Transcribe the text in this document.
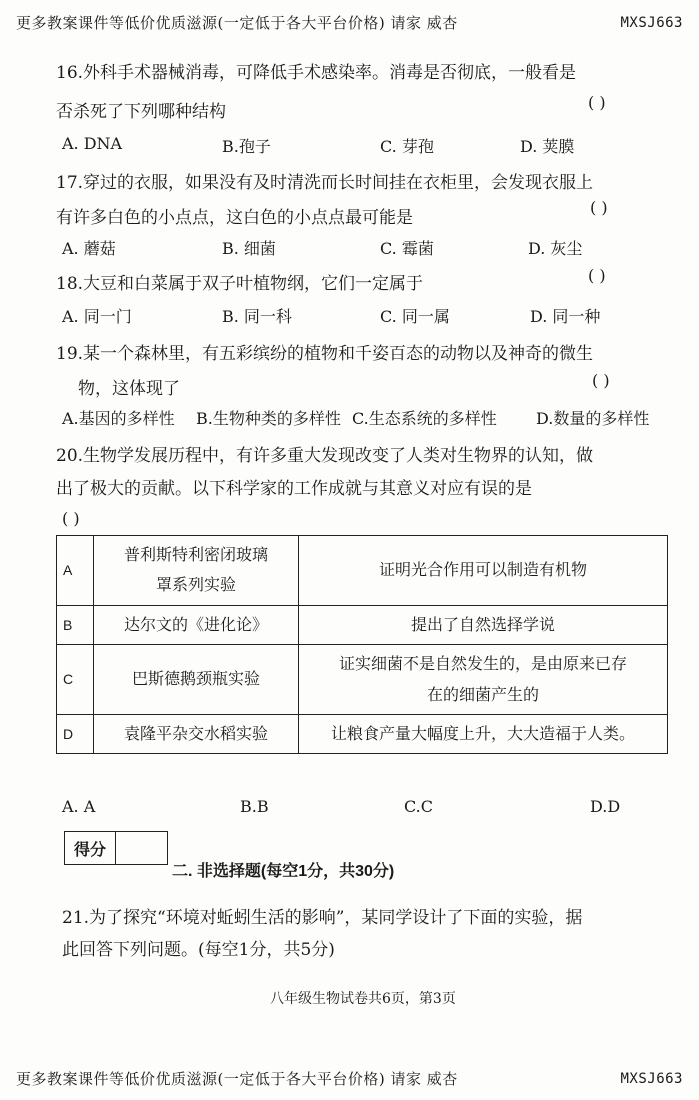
更多教案课件等低价优质滋源(一定低于各大平台价格) 请家 威杏	MXSJ663
16.外科手术器械消毒，可降低手术感染率。消毒是否彻底，一般看是
否杀死了下列哪种结构	( )
A. DNA	B.孢子	C. 芽孢	D. 荚膜
17.穿过的衣服，如果没有及时清洗而长时间挂在衣柜里，会发现衣服上
有许多白色的小点点，这白色的小点点最可能是
( )
A. 蘑菇	B. 细菌	C. 霉菌	D. 灰尘
18.大豆和白菜属于双子叶植物纲，它们一定属于	( )
A. 同一门	B. 同一科	C. 同一属	D. 同一种
19.某一个森林里，有五彩缤纷的植物和千姿百态的动物以及神奇的微生
物，这体现了	( )
A.基因的多样性 B.生物种类的多样性 C.生态系统的多样性 D.数量的多样性
20.生物学发展历程中，有许多重大发现改变了人类对生物界的认知，做
出了极大的贡献。以下科学家的工作成就与其意义对应有误的是
( )
A	普利斯特利密闭玻璃
罩系列实验	证明光合作用可以制造有机物

B	达尔文的《进化论》	提出了自然选择学说

C	巴斯德鹅颈瓶实验	证实细菌不是自然发生的，是由原来已存
在的细菌产生的

D	袁隆平杂交水稻实验	让粮食产量大幅度上升，大大造福于人类。
A. A	B.B	C.C	D.D
得分
二. 非选择题(每空1分，共30分)
21.为了探究“环境对蚯蚓生活的影响”，某同学设计了下面的实验，据
此回答下列问题。(每空1分，共5分)
八年级生物试卷共6页，第3页
更多教案课件等低价优质滋源(一定低于各大平台价格) 请家 威杏	MXSJ663
